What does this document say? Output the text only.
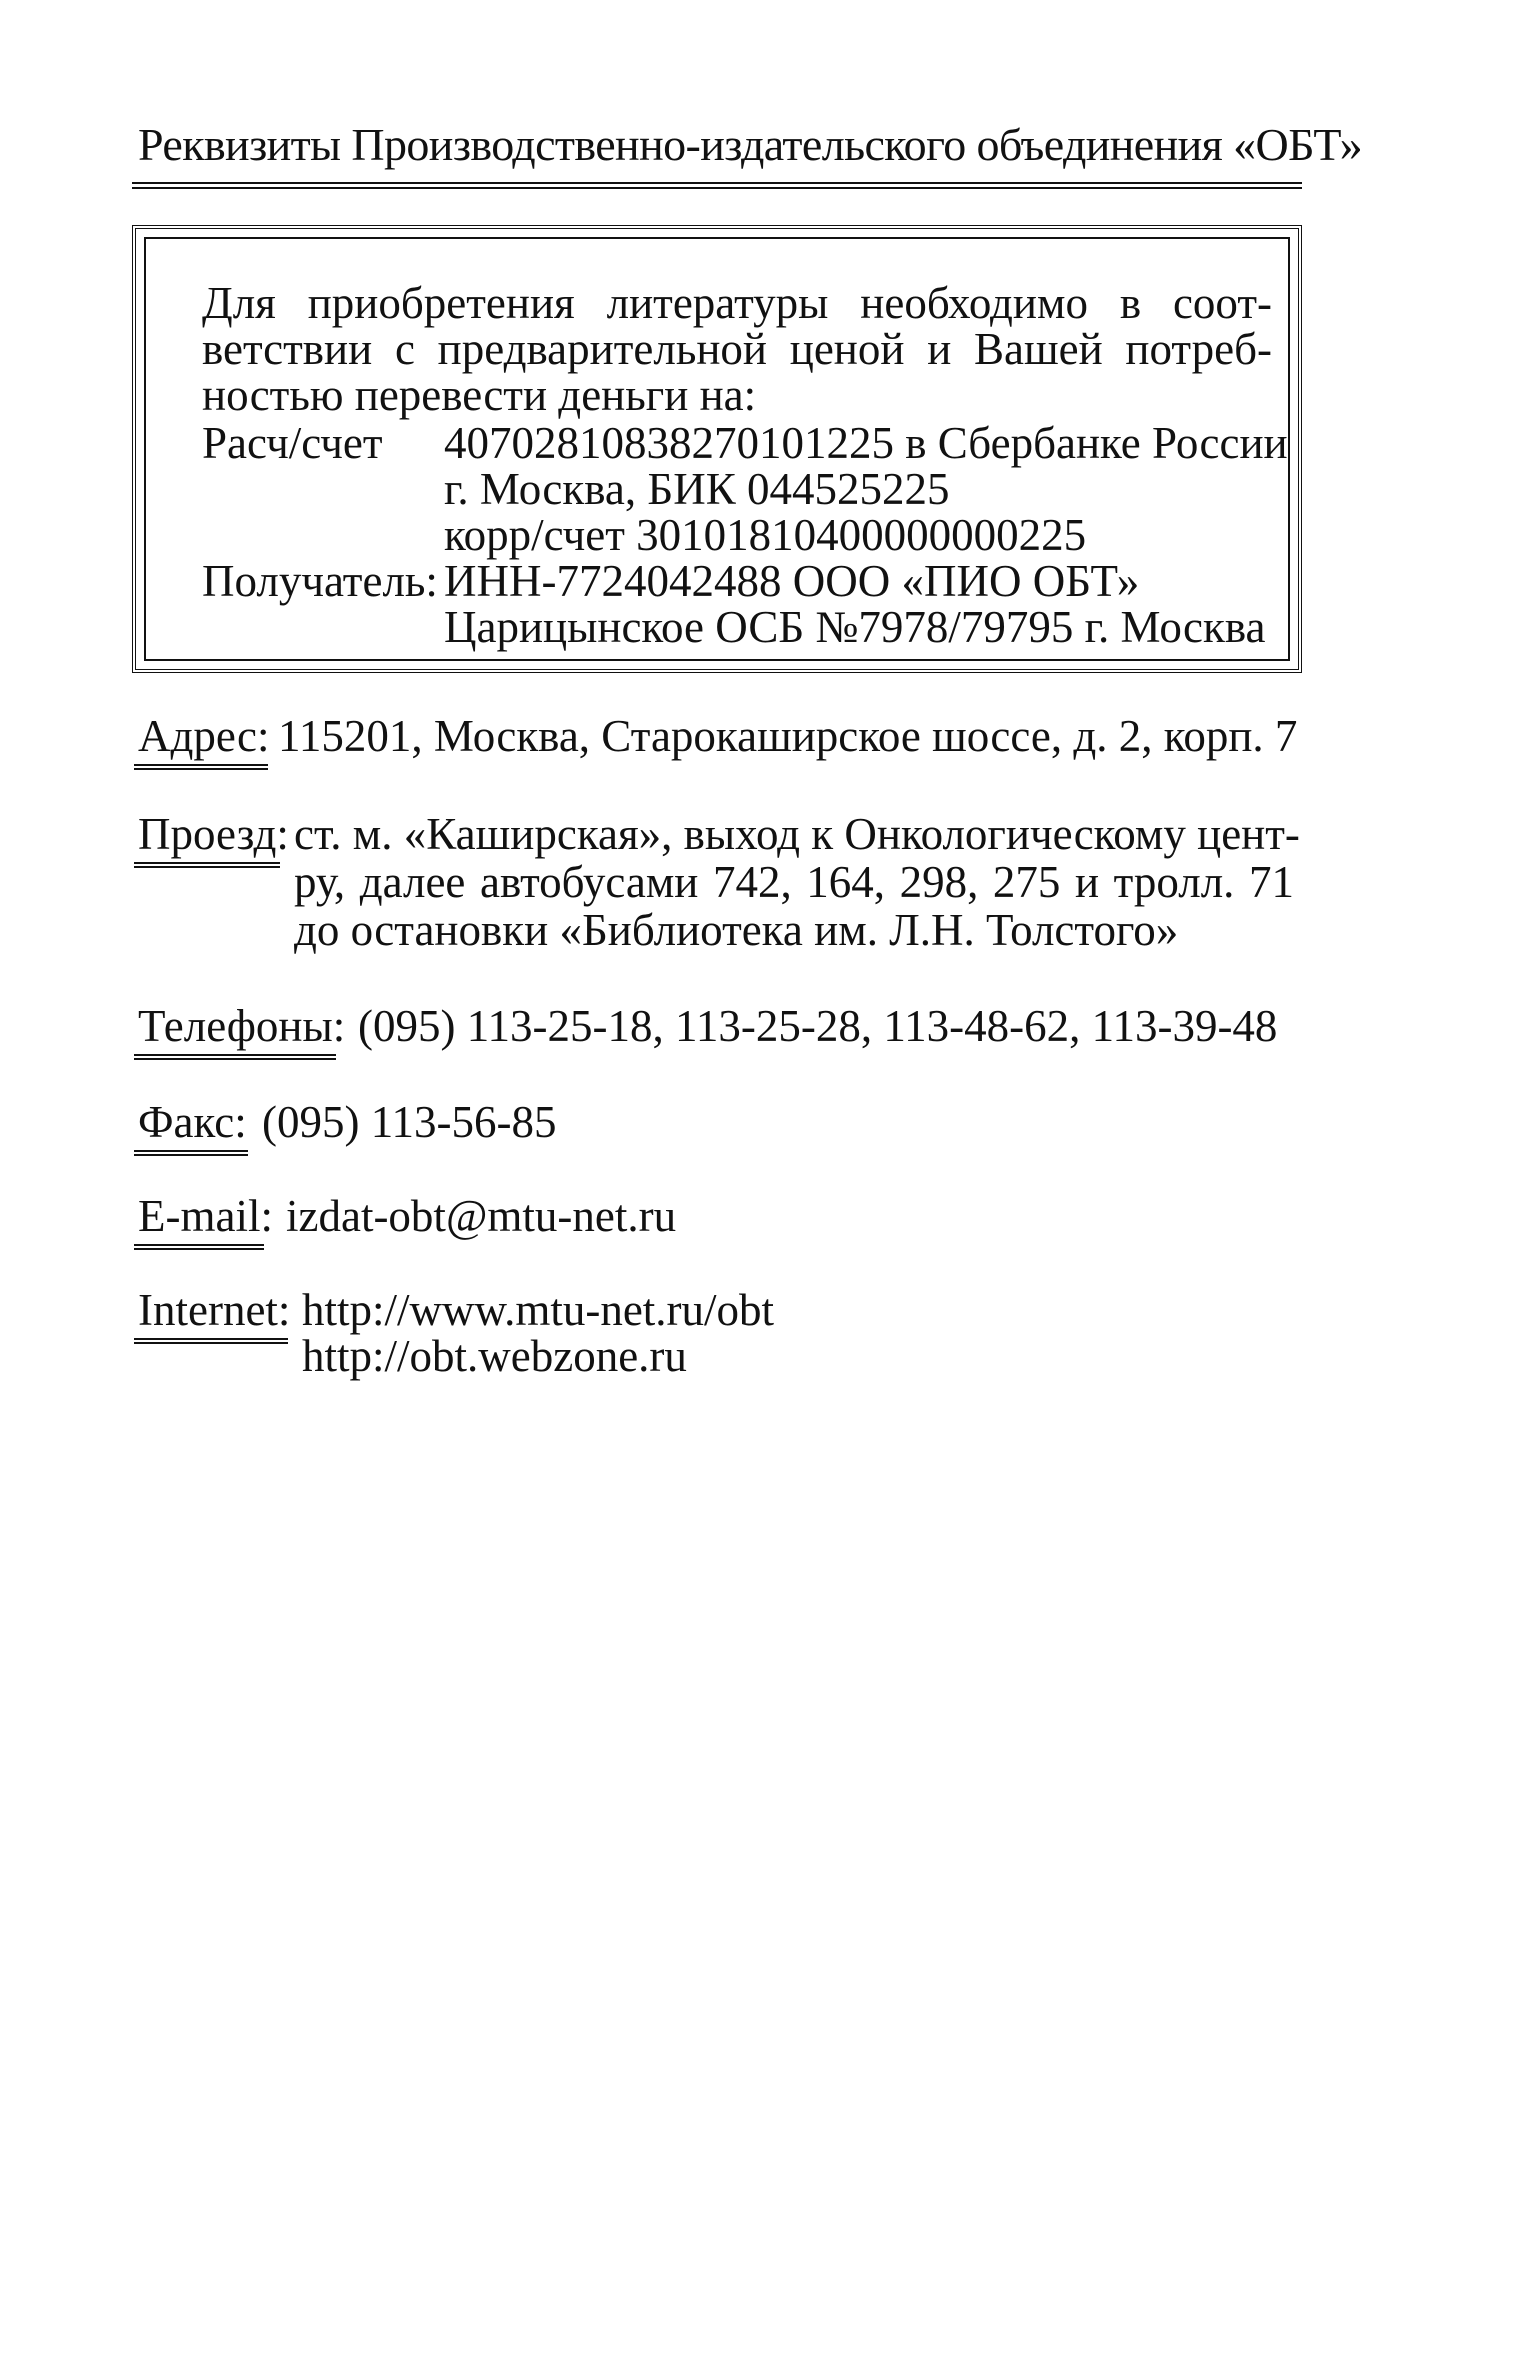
Реквизиты Производственно-издательского объединения «ОБТ»
Для приобретения литературы необходимо в соот-
ветствии с предварительной ценой и Вашей потреб-
ностью перевести деньги на:
Расч/счет 40702810838270101225 в Сбербанке России
г. Москва, БИК 044525225
корр/счет 30101810400000000225
Получатель: ИНН-7724042488 ООО «ПИО ОБТ»
Царицынское ОСБ №7978/79795 г. Москва
Адрес: 115201, Москва, Старокаширское шоссе, д. 2, корп. 7
Проезд: ст. м. «Каширская», выход к Онкологическому цент-
ру, далее автобусами 742, 164, 298, 275 и тролл. 71
до остановки «Библиотека им. Л.Н. Толстого»
Телефоны: (095) 113-25-18, 113-25-28, 113-48-62, 113-39-48
Факс: (095) 113-56-85
E-mail: izdat-obt@mtu-net.ru
Internet: http://www.mtu-net.ru/obt
http://obt.webzone.ru
